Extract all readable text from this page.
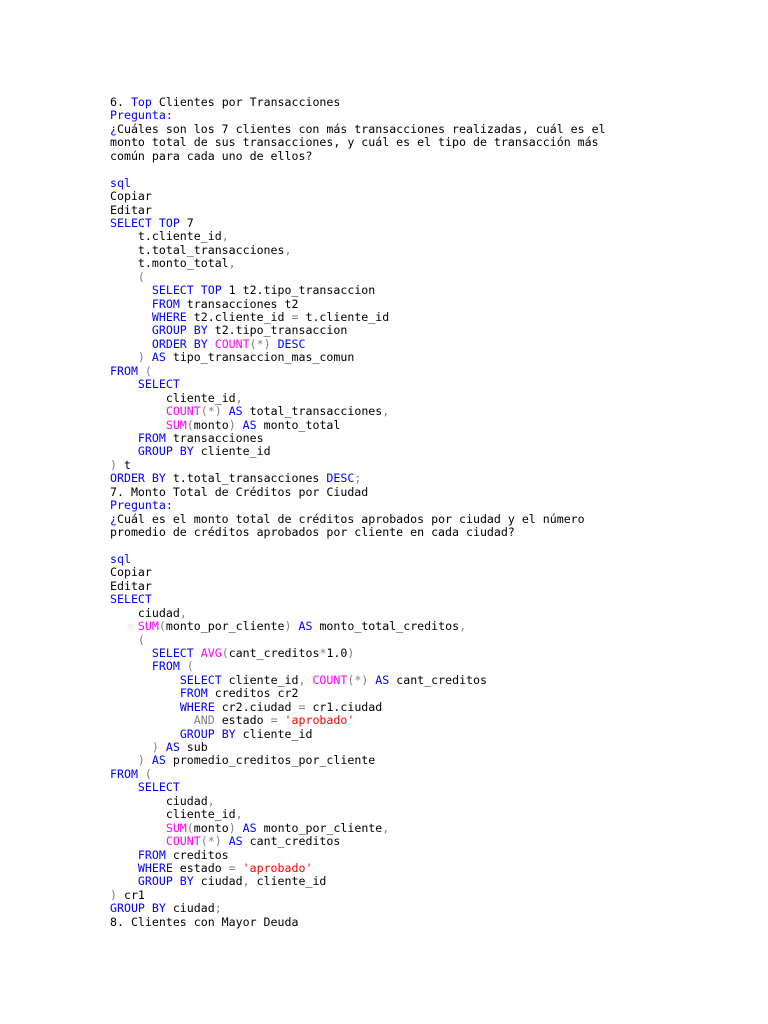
6. Top Clientes por Transacciones
Pregunta:
¿Cuáles son los 7 clientes con más transacciones realizadas, cuál es el
monto total de sus transacciones, y cuál es el tipo de transacción más
común para cada uno de ellos?
sql
Copiar
Editar
SELECT TOP 7
t.cliente_id,
t.total_transacciones,
t.monto_total,
(
SELECT TOP 1 t2.tipo_transaccion
FROM transacciones t2
WHERE t2.cliente_id = t.cliente_id
GROUP BY t2.tipo_transaccion
ORDER BY COUNT(*) DESC
) AS tipo_transaccion_mas_comun
FROM (
SELECT
cliente_id,
COUNT(*) AS total_transacciones,
SUM(monto) AS monto_total
FROM transacciones
GROUP BY cliente_id
) t
ORDER BY t.total_transacciones DESC;
7. Monto Total de Créditos por Ciudad
Pregunta:
¿Cuál es el monto total de créditos aprobados por ciudad y el número
promedio de créditos aprobados por cliente en cada ciudad?
sql
Copiar
Editar
SELECT
ciudad,
SUM(monto_por_cliente) AS monto_total_creditos,
(
SELECT AVG(cant_creditos*1.0)
FROM (
SELECT cliente_id, COUNT(*) AS cant_creditos
FROM creditos cr2
WHERE cr2.ciudad = cr1.ciudad
AND estado = 'aprobado'
GROUP BY cliente_id
) AS sub
) AS promedio_creditos_por_cliente
FROM (
SELECT
ciudad,
cliente_id,
SUM(monto) AS monto_por_cliente,
COUNT(*) AS cant_creditos
FROM creditos
WHERE estado = 'aprobado'
GROUP BY ciudad, cliente_id
) cr1
GROUP BY ciudad;
8. Clientes con Mayor Deuda
